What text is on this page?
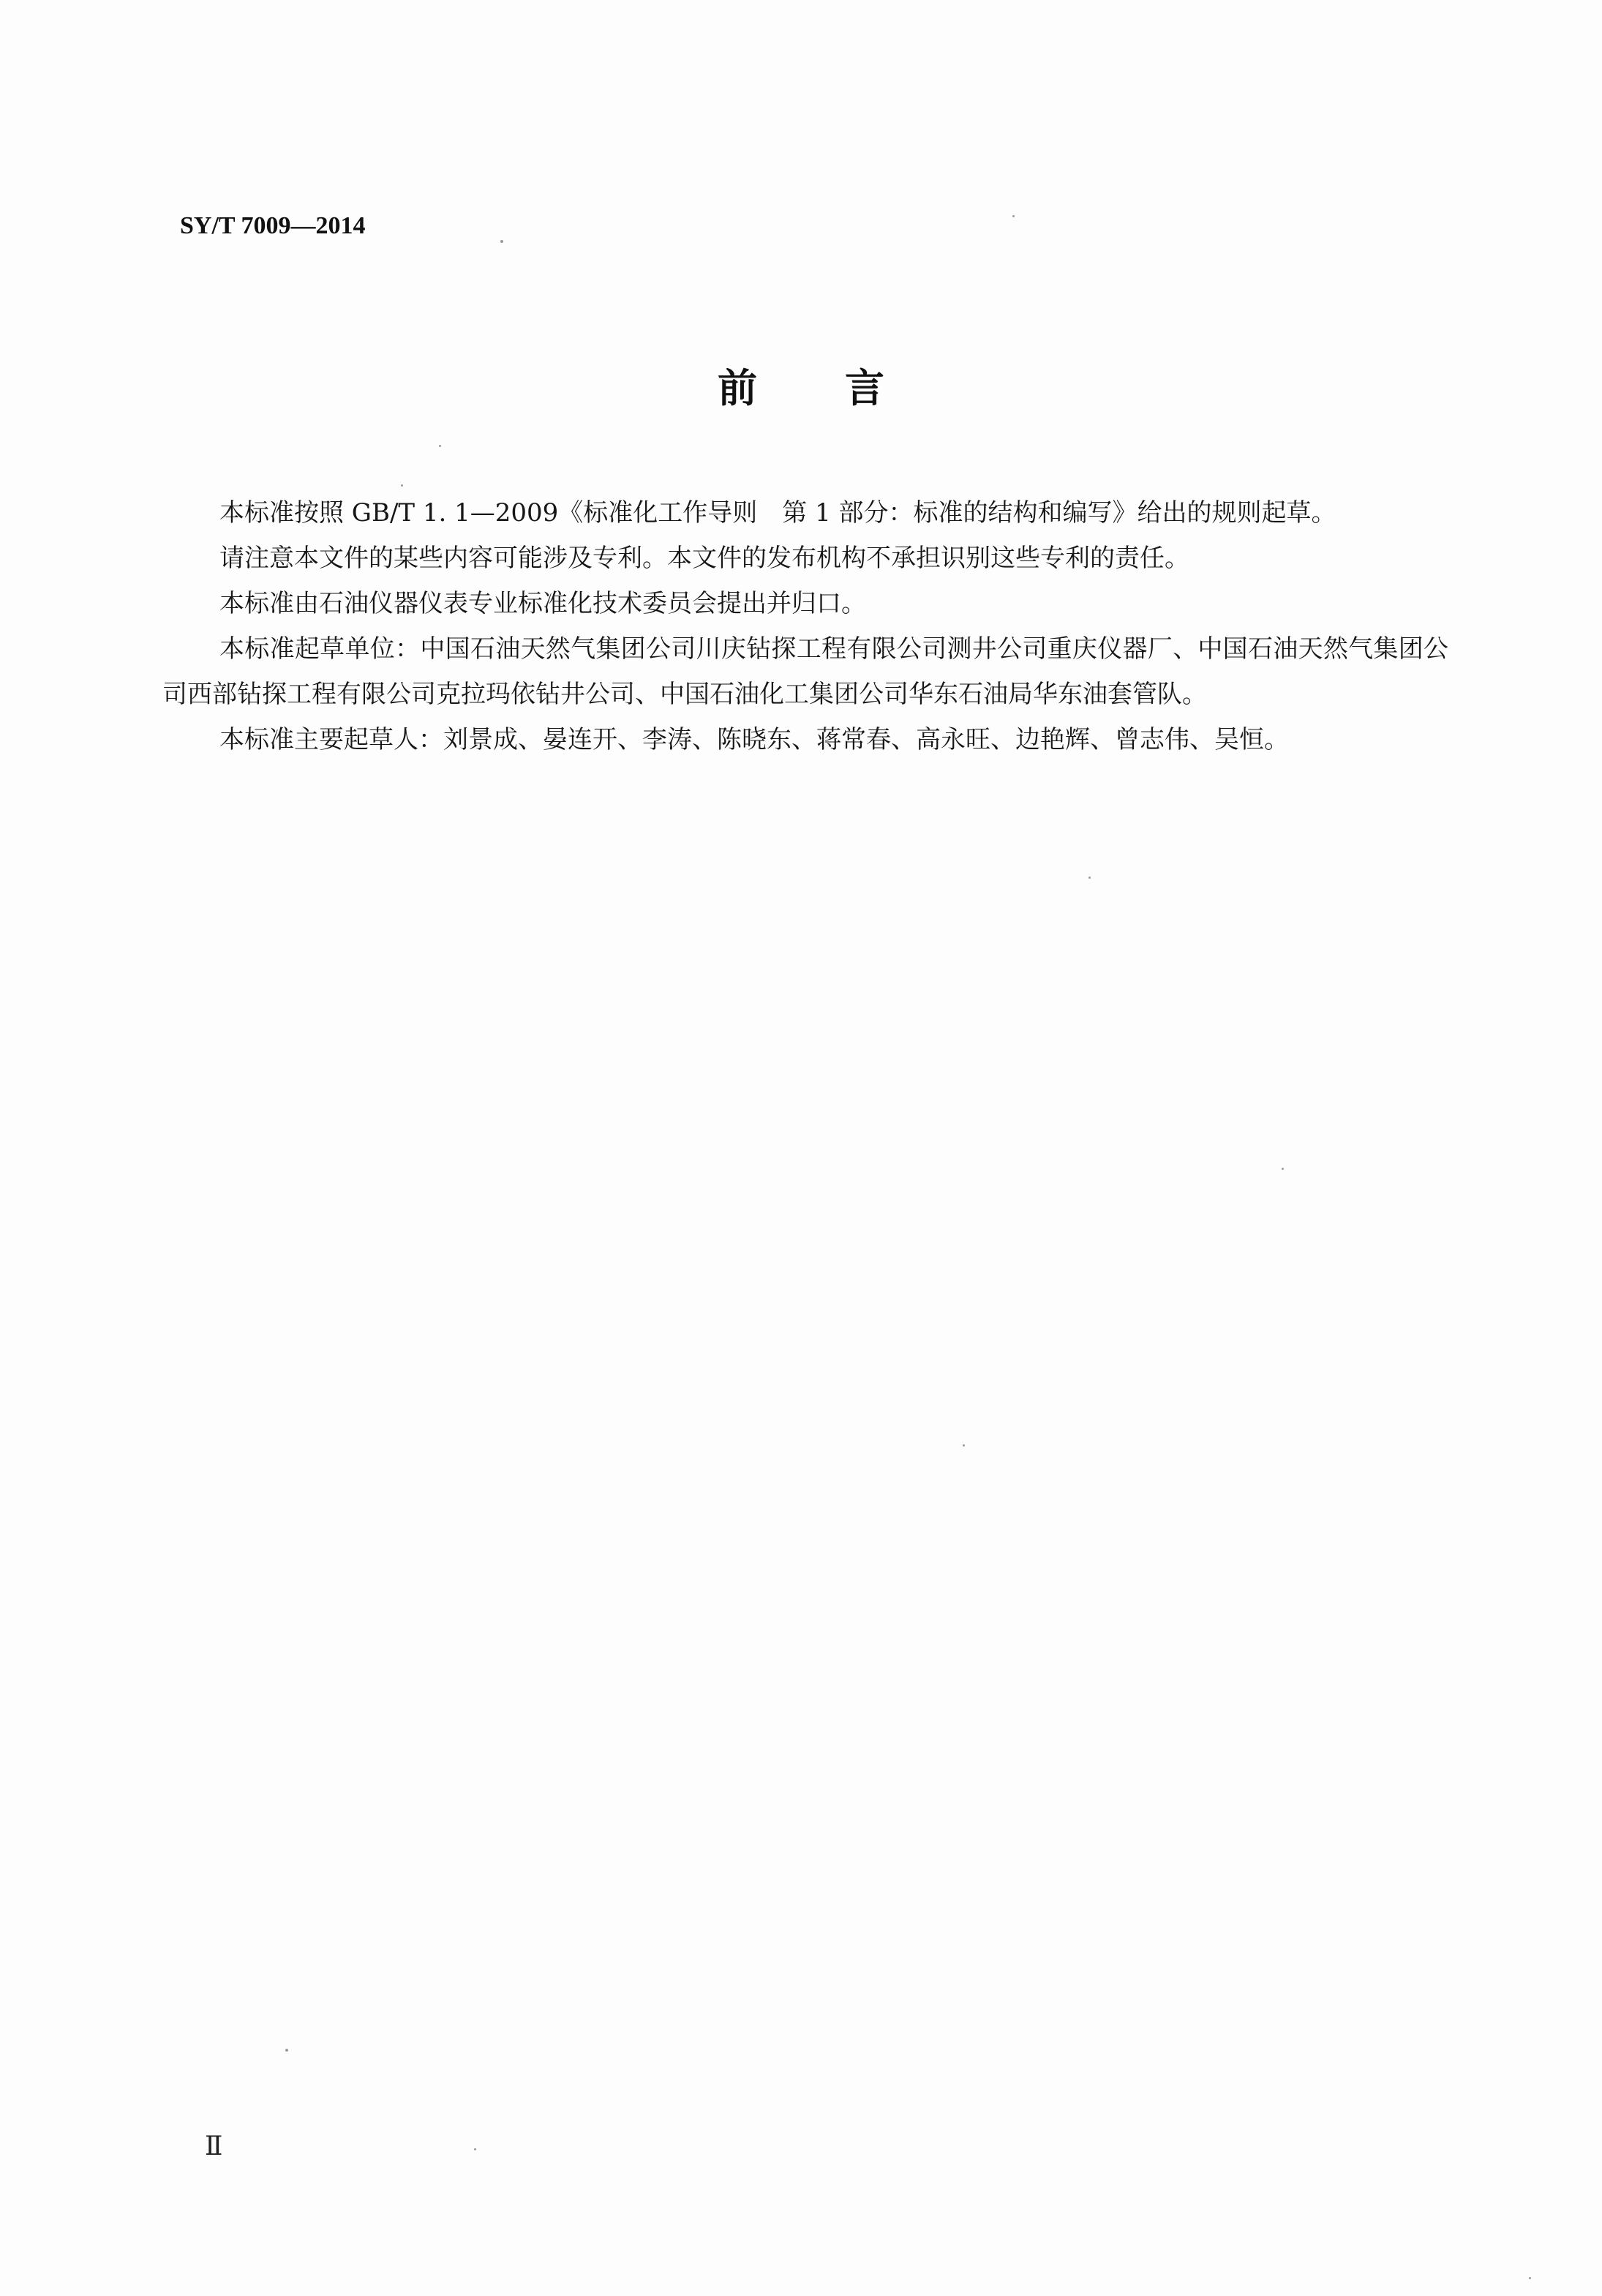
SY/T 7009—2014
前 言

本标准按照 GB/T 1. 1—2009《标准化工作导则　第 1 部分：标准的结构和编写》给出的规则起草。

请注意本文件的某些内容可能涉及专利。本文件的发布机构不承担识别这些专利的责任。

本标准由石油仪器仪表专业标准化技术委员会提出并归口。

本标准起草单位：中国石油天然气集团公司川庆钻探工程有限公司测井公司重庆仪器厂、中国石油天然气集团公司西部钻探工程有限公司克拉玛依钻井公司、中国石油化工集团公司华东石油局华东油套管队。

本标准主要起草人：刘景成、晏连开、李涛、陈晓东、蒋常春、高永旺、边艳辉、曾志伟、吴恒。

Ⅱ
